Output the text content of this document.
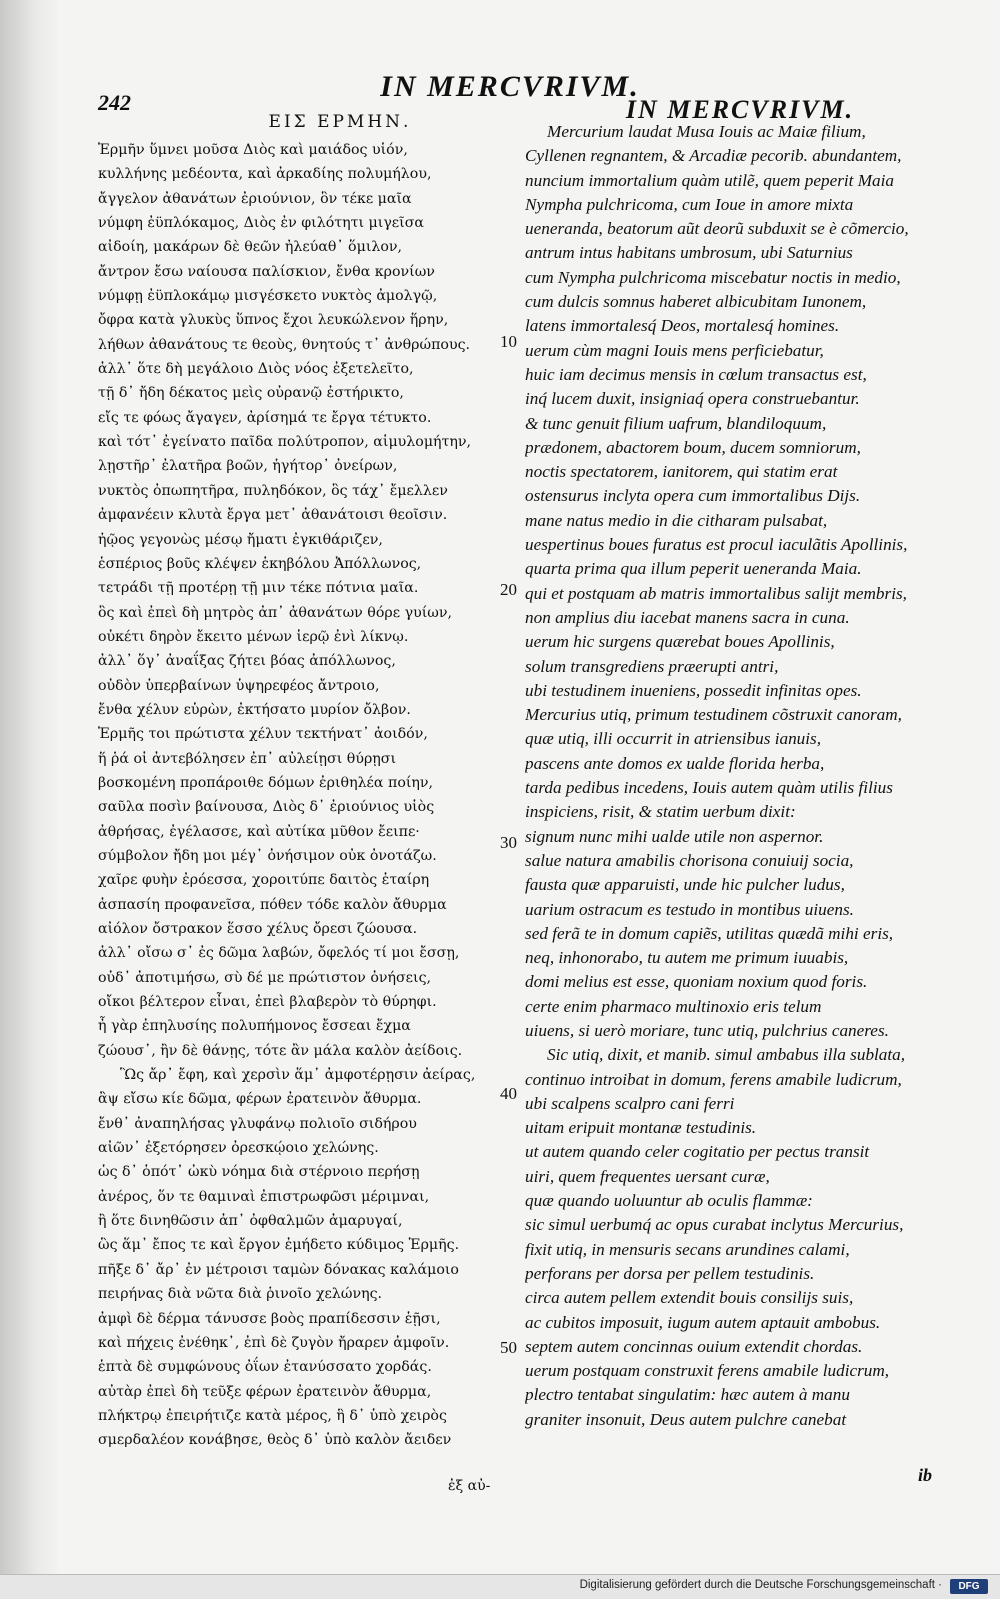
IN MERCVRIVM.
242
ΕΙΣ ΕΡΜΗΝ.	IN MERCVRIVM.
Ἑρμῆν ὕμνει μοῦσα Διὸς καὶ μαιάδος υἱόν,
κυλλήνης μεδέοντα, καὶ ἀρκαδίης πολυμήλου,
ἄγγελον ἀθανάτων ἐριούνιον, ὃν τέκε μαῖα
νύμφη ἐϋπλόκαμος, Διὸς ἐν φιλότητι μιγεῖσα
αἰδοίη, μακάρων δὲ θεῶν ἠλεύαθ᾽ ὅμιλον,
ἄντρον ἔσω ναίουσα παλίσκιον, ἔνθα κρονίων
νύμφῃ ἐϋπλοκάμῳ μισγέσκετο νυκτὸς ἀμολγῷ,
ὄφρα κατὰ γλυκὺς ὕπνος ἔχοι λευκώλενον ἥρην,
λήθων ἀθανάτους τε θεοὺς, θνητούς τ᾽ ἀνθρώπους.
ἀλλ᾽ ὅτε δὴ μεγάλοιο Διὸς νόος ἐξετελεῖτο,
τῇ δ᾽ ἤδη δέκατος μεὶς οὐρανῷ ἐστήρικτο,
εἴς τε φόως ἄγαγεν, ἀρίσημά τε ἔργα τέτυκτο.
καὶ τότ᾽ ἐγείνατο παῖδα πολύτροπον, αἱμυλομήτην,
λῃστῆρ᾽ ἐλατῆρα βοῶν, ἡγήτορ᾽ ὀνείρων,
νυκτὸς ὀπωπητῆρα, πυληδόκον, ὃς τάχ᾽ ἔμελλεν
ἀμφανέειν κλυτὰ ἔργα μετ᾽ ἀθανάτοισι θεοῖσιν.
ἠῷος γεγονὼς μέσῳ ἤματι ἐγκιθάριζεν,
ἑσπέριος βοῦς κλέψεν ἑκηβόλου Ἀπόλλωνος,
τετράδι τῇ προτέρῃ τῇ μιν τέκε πότνια μαῖα.
ὃς καὶ ἐπεὶ δὴ μητρὸς ἀπ᾽ ἀθανάτων θόρε γυίων,
οὐκέτι δηρὸν ἔκειτο μένων ἱερῷ ἐνὶ λίκνῳ.
ἀλλ᾽ ὅγ᾽ ἀναΐξας ζήτει βόας ἀπόλλωνος,
οὐδὸν ὑπερβαίνων ὑψηρεφέος ἄντροιο,
ἔνθα χέλυν εὑρὼν, ἐκτήσατο μυρίον ὄλβον.
Ἑρμῆς τοι πρώτιστα χέλυν τεκτήνατ᾽ ἀοιδόν,
ἥ ῥά οἱ ἀντεβόλησεν ἐπ᾽ αὐλείῃσι θύρῃσι
βοσκομένη προπάροιθε δόμων ἐριθηλέα ποίην,
σαῦλα ποσὶν βαίνουσα, Διὸς δ᾽ ἐριούνιος υἱὸς
ἀθρήσας, ἐγέλασσε, καὶ αὐτίκα μῦθον ἔειπε·
σύμβολον ἤδη μοι μέγ᾽ ὀνήσιμον οὐκ ὀνοτάζω.
χαῖρε φυὴν ἐρόεσσα, χοροιτύπε δαιτὸς ἑταίρη
ἀσπασίη προφανεῖσα, πόθεν τόδε καλὸν ἄθυρμα
αἰόλον ὄστρακον ἕσσο χέλυς ὄρεσι ζώουσα.
ἀλλ᾽ οἴσω σ᾽ ἐς δῶμα λαβών, ὄφελός τί μοι ἔσσῃ,
οὐδ᾽ ἀποτιμήσω, σὺ δέ με πρώτιστον ὀνήσεις,
οἴκοι βέλτερον εἶναι, ἐπεὶ βλαβερὸν τὸ θύρηφι.
ἦ γὰρ ἐπηλυσίης πολυπήμονος ἔσσεαι ἔχμα
ζώουσ᾽, ἢν δὲ θάνῃς, τότε ἂν μάλα καλὸν ἀείδοις.
Ὣς ἄρ᾽ ἔφη, καὶ χερσὶν ἅμ᾽ ἀμφοτέρῃσιν ἀείρας,
ἂψ εἴσω κίε δῶμα, φέρων ἐρατεινὸν ἄθυρμα.
ἔνθ᾽ ἀναπηλήσας γλυφάνῳ πολιοῖο σιδήρου
αἰῶν᾽ ἐξετόρησεν ὀρεσκῴοιο χελώνης.
ὡς δ᾽ ὁπότ᾽ ὠκὺ νόημα διὰ στέρνοιο περήσῃ
ἀνέρος, ὅν τε θαμιναὶ ἐπιστρωφῶσι μέριμναι,
ἢ ὅτε δινηθῶσιν ἀπ᾽ ὀφθαλμῶν ἀμαρυγαί,
ὣς ἅμ᾽ ἔπος τε καὶ ἔργον ἐμήδετο κύδιμος Ἑρμῆς.
πῆξε δ᾽ ἄρ᾽ ἐν μέτροισι ταμὼν δόνακας καλάμοιο
πειρήνας διὰ νῶτα διὰ ῥινοῖο χελώνης.
ἀμφὶ δὲ δέρμα τάνυσσε βοὸς πραπίδεσσιν ἑῇσι,
καὶ πήχεις ἐνέθηκ᾽, ἐπὶ δὲ ζυγὸν ἤραρεν ἀμφοῖν.
ἑπτὰ δὲ συμφώνους ὀΐων ἐτανύσσατο χορδάς.
αὐτὰρ ἐπεὶ δὴ τεῦξε φέρων ἐρατεινὸν ἄθυρμα,
πλήκτρῳ ἐπειρήτιζε κατὰ μέρος, ἣ δ᾽ ὑπὸ χειρὸς
σμερδαλέον κονάβησε, θεὸς δ᾽ ὑπὸ καλὸν ἄειδεν
Mercurium laudat Musa Iouis ac Maiæ filium,
Cyllenen regnantem, & Arcadiæ pecorib. abundantem,
nuncium immortalium quàm utilẽ, quem peperit Maia
Nympha pulchricoma, cum Ioue in amore mixta
ueneranda, beatorum aũt deorũ subduxit se è cõmercio,
antrum intus habitans umbrosum, ubi Saturnius
cum Nympha pulchricoma miscebatur noctis in medio,
cum dulcis somnus haberet albicubitam Iunonem,
latens immortalesq́ Deos, mortalesq́ homines.
uerum cùm magni Iouis mens perficiebatur,
huic iam decimus mensis in cœlum transactus est,
inq́ lucem duxit, insigniaq́ opera construebantur.
& tunc genuit filium uafrum, blandiloquum,
prædonem, abactorem boum, ducem somniorum,
noctis spectatorem, ianitorem, qui statim erat
ostensurus inclyta opera cum immortalibus Dijs.
mane natus medio in die citharam pulsabat,
uespertinus boues furatus est procul iaculãtis Apollinis,
quarta prima qua illum peperit ueneranda Maia.
qui et postquam ab matris immortalibus salijt membris,
non amplius diu iacebat manens sacra in cuna.
uerum hic surgens quærebat boues Apollinis,
solum transgrediens præerupti antri,
ubi testudinem inueniens, possedit infinitas opes.
Mercurius utiq, primum testudinem cõstruxit canoram,
quæ utiq, illi occurrit in atriensibus ianuis,
pascens ante domos ex ualde florida herba,
tarda pedibus incedens, Iouis autem quàm utilis filius
inspiciens, risit, & statim uerbum dixit:
signum nunc mihi ualde utile non aspernor.
salue natura amabilis chorisona conuiuij socia,
fausta quæ apparuisti, unde hic pulcher ludus,
uarium ostracum es testudo in montibus uiuens.
sed ferã te in domum capiẽs, utilitas quædã mihi eris,
neq, inhonorabo, tu autem me primum iuuabis,
domi melius est esse, quoniam noxium quod foris.
certe enim pharmaco multinoxio eris telum
uiuens, si uerò moriare, tunc utiq, pulchrius caneres.
Sic utiq, dixit, et manib. simul ambabus illa sublata,
continuo introibat in domum, ferens amabile ludicrum,
ubi scalpens scalpro cani ferri
uitam eripuit montanæ testudinis.
ut autem quando celer cogitatio per pectus transit
uiri, quem frequentes uersant curæ,
quæ quando uoluuntur ab oculis flammæ:
sic simul uerbumq́ ac opus curabat inclytus Mercurius,
fixit utiq, in mensuris secans arundines calami,
perforans per dorsa per pellem testudinis.
circa autem pellem extendit bouis consilijs suis,
ac cubitos imposuit, iugum autem aptauit ambobus.
septem autem concinnas ouium extendit chordas.
uerum postquam construxit ferens amabile ludicrum,
plectro tentabat singulatim: hæc autem à manu
graniter insonuit, Deus autem pulchre canebat
10
20
30
40
50
ἐξ αὐ-
ib
Digitalisierung gefördert durch die Deutsche Forschungsgemeinschaft ·	DFG
